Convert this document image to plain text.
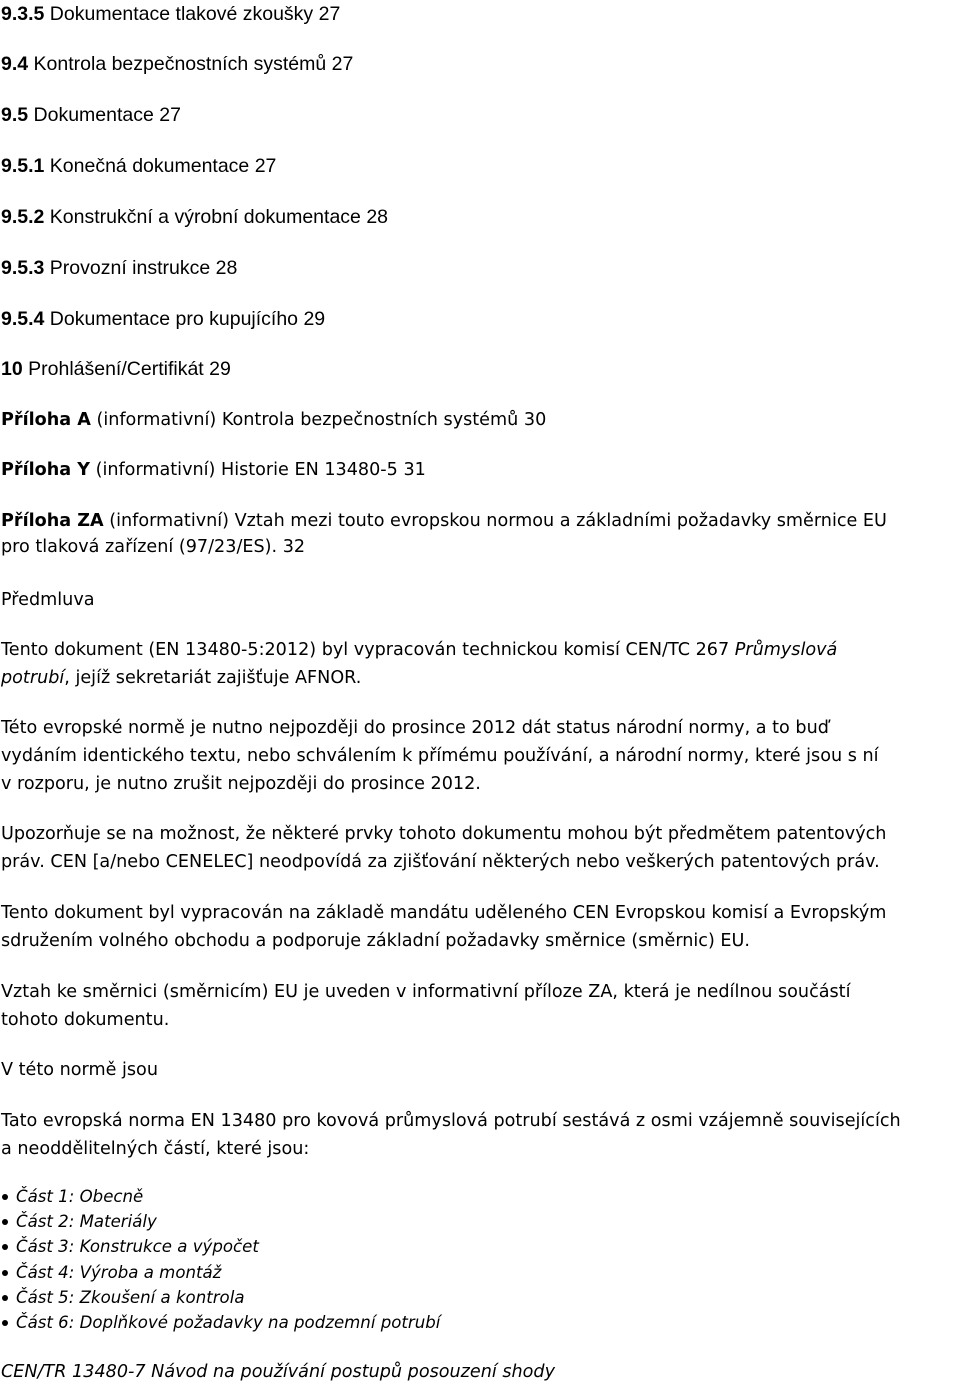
9.3.5 Dokumentace tlakové zkoušky 27
9.4 Kontrola bezpečnostních systémů 27
9.5 Dokumentace 27
9.5.1 Konečná dokumentace 27
9.5.2 Konstrukční a výrobní dokumentace 28
9.5.3 Provozní instrukce 28
9.5.4 Dokumentace pro kupujícího 29
10 Prohlášení/Certifikát 29
Příloha A (informativní) Kontrola bezpečnostních systémů 30
Příloha Y (informativní) Historie EN 13480-5 31
Příloha ZA (informativní) Vztah mezi touto evropskou normou a základními požadavky směrnice EU
pro tlaková zařízení (97/23/ES). 32
Předmluva
Tento dokument (EN 13480-5:2012) byl vypracován technickou komisí CEN/TC 267 Průmyslová
potrubí, jejíž sekretariát zajišťuje AFNOR.
Této evropské normě je nutno nejpozději do prosince 2012 dát status národní normy, a to buď
vydáním identického textu, nebo schválením k přímému používání, a národní normy, které jsou s ní
v rozporu, je nutno zrušit nejpozději do prosince 2012.
Upozorňuje se na možnost, že některé prvky tohoto dokumentu mohou být předmětem patentových
práv. CEN [a/nebo CENELEC] neodpovídá za zjišťování některých nebo veškerých patentových práv.
Tento dokument byl vypracován na základě mandátu uděleného CEN Evropskou komisí a Evropským
sdružením volného obchodu a podporuje základní požadavky směrnice (směrnic) EU.
Vztah ke směrnici (směrnicím) EU je uveden v informativní příloze ZA, která je nedílnou součástí
tohoto dokumentu.
V této normě jsou
Tato evropská norma EN 13480 pro kovová průmyslová potrubí sestává z osmi vzájemně souvisejících
a neoddělitelných částí, které jsou:
Část 1: Obecně
Část 2: Materiály
Část 3: Konstrukce a výpočet
Část 4: Výroba a montáž
Část 5: Zkoušení a kontrola
Část 6: Doplňkové požadavky na podzemní potrubí
CEN/TR 13480-7 Návod na používání postupů posouzení shody
